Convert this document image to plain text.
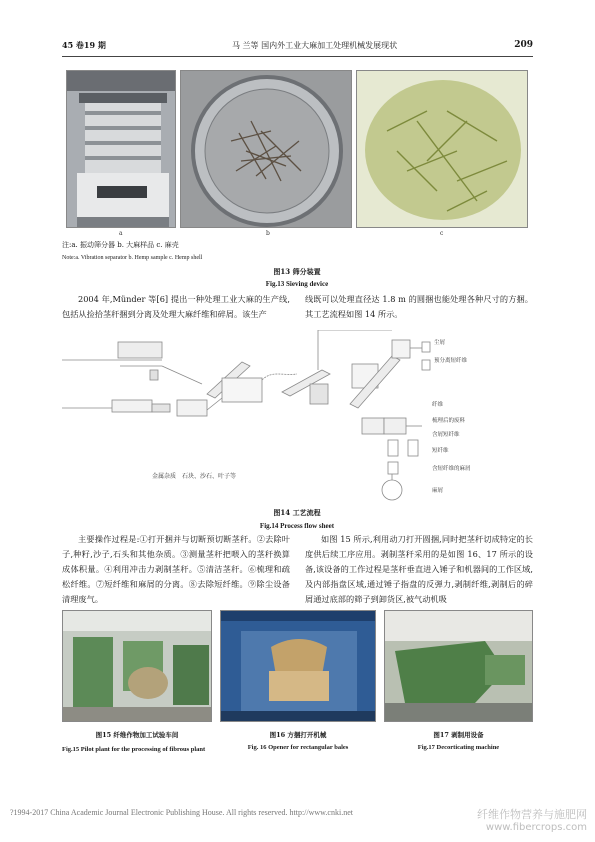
45 卷19 期	马 兰等 国内外工业大麻加工处理机械发展现状	209
a	b	c
注:a. 振动筛分器 b. 大麻样品 c. 麻壳
Note:a. Vibration separator b. Hemp sample c. Hemp shell
图13 筛分装置
Fig.13 Sieving device
2004 年,Münder 等[6] 提出一种处理工业大麻的生产线,包括从捡拾茎秆捆到分离及处理大麻纤维和碎屑。该生产
线既可以处理直径达 1.8 m 的圆捆也能处理各种尺寸的方捆。其工艺流程如图 14 所示。
金属杂质 石块、沙石、叶子等
尘屑
预分离短纤维
纤维
梳理后的废料
含屑短纤维
短纤维
含短纤维的麻屑
麻屑
图14 工艺流程
Fig.14 Process flow sheet
主要操作过程是:①打开捆并与切断预切断茎秆。②去除叶子,种籽,沙子,石头和其他杂质。③测量茎秆把喂入的茎秆换算成体积量。④利用冲击力剥制茎秆。⑤清洁茎秆。⑥梳理和疏松纤维。⑦短纤维和麻屑的分离。⑧去除短纤维。⑨除尘设备清理废气。
如图 15 所示,利用动刀打开圆捆,同时把茎秆切成特定的长度供后续工序应用。剥制茎秆采用的是如图 16、17 所示的设备,该设备的工作过程是茎秆垂直进入锤子和机器间的工作区域,及内部指盘区域,通过锤子指盘的反弹力,剥制纤维,剥制后的碎屑通过底部的筛子到卸货区,被气动机吸
图15 纤维作物加工试验车间
Fig.15 Pilot plant for the processing of fibrous plant
图16 方捆打开机械
Fig. 16 Opener for rectangular bales
图17 剥制用设备
Fig.17 Decorticating machine
?1994-2017 China Academic Journal Electronic Publishing House. All rights reserved. http://www.cnki.net	纤维作物营养与施肥网
www.fibercrops.com
